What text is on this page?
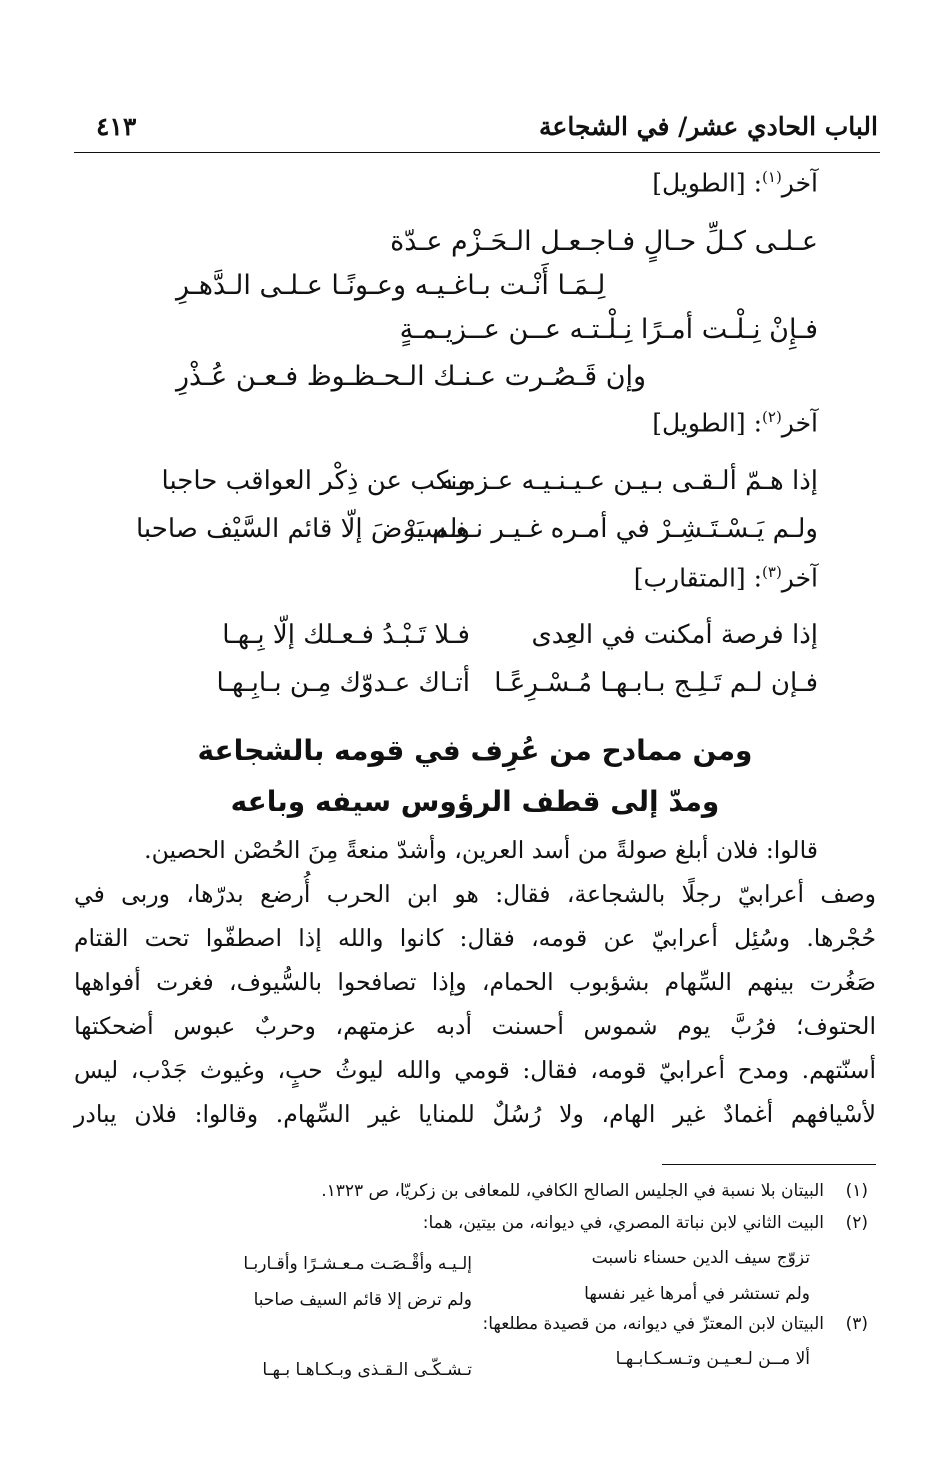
الباب الحادي عشر/ في الشجاعة
٤١٣
آخر$^{(١)}$: [الطويل]
عـلـى كـلِّ حـالٍ فـاجـعـل الـحَـزْم عـدّة
لِـمَـا أَنْـت بـاغـيـه وعـونًـا عـلـى الـدَّهـرِ
فـإِنْ نِـلْـت أمـرًا نِـلْـتـه عــن عــزيـمـةٍ
وإن قَـصُـرت عـنـك الـحـظـوظ فـعـن عُـذْرِ
آخر$^{(٢)}$: [الطويل]
إذا هـمّ ألـقـى بـيـن عـيـنـيـه عـزمـه
ونكب عن ذِكْر العواقب حاجبا
ولـم يَـسْـتَـشِـرْ في أمـره غـيـر نـفـسـه
ولم يَرْضَ إلّا قائم السَّيْف صاحبا
آخر$^{(٣)}$: [المتقارب]
إذا فرصة أمكنت في العِدى
فـلا تَـبْـدُ فـعـلك إلّا بِـهـا
فـإن لـم تَـلِـج بـابـهـا مُـسْـرِعًـا
أتـاك عـدوّك مِـن بـابِـهـا
ومن ممادح من عُرِف في قومه بالشجاعة
ومدّ إلى قطف الرؤوس سيفه وباعه
قالوا: فلان أبلغ صولةً من أسد العرين، وأشدّ منعةً مِنَ الحُصْن الحصين.
وصف أعرابيّ رجلًا بالشجاعة، فقال: هو ابن الحرب أُرضع بدرّها، وربى في
حُجْرها. وسُئِل أعرابيّ عن قومه، فقال: كانوا والله إذا اصطفّوا تحت القتام
صَغُرت بينهم السِّهام بشؤبوب الحمام، وإذا تصافحوا بالسُّيوف، فغرت أفواهها
الحتوف؛ فرُبَّ يوم شموس أحسنت أدبه عزمتهم، وحربٌ عبوس أضحكتها
أسنّتهم. ومدح أعرابيّ قومه، فقال: قومي والله ليوثُ حبٍ، وغيوث جَدْب، ليس
لأسْيافهم أغمادٌ غير الهام، ولا رُسُلٌ للمنايا غير السِّهام. وقالوا: فلان يبادر
(١)
البيتان بلا نسبة في الجليس الصالح الكافي، للمعافى بن زكريّا، ص ١٣٢٣.
(٢)
البيت الثاني لابن نباتة المصري، في ديوانه، من بيتين، هما:
تزوّج سيف الدين حسناء ناسبت
إلـيـه وأقْـصَـت مـعـشـرًا وأقـاربـا
ولم تستشر في أمرها غير نفسها
ولم ترض إلا قائم السيف صاحبا
(٣)
البيتان لابن المعتزّ في ديوانه، من قصيدة مطلعها:
ألا مــن لـعـيـن وتـسـكـابـهـا
تـشـكّـى الـقـذى وبـكـاهـا بـهـا
